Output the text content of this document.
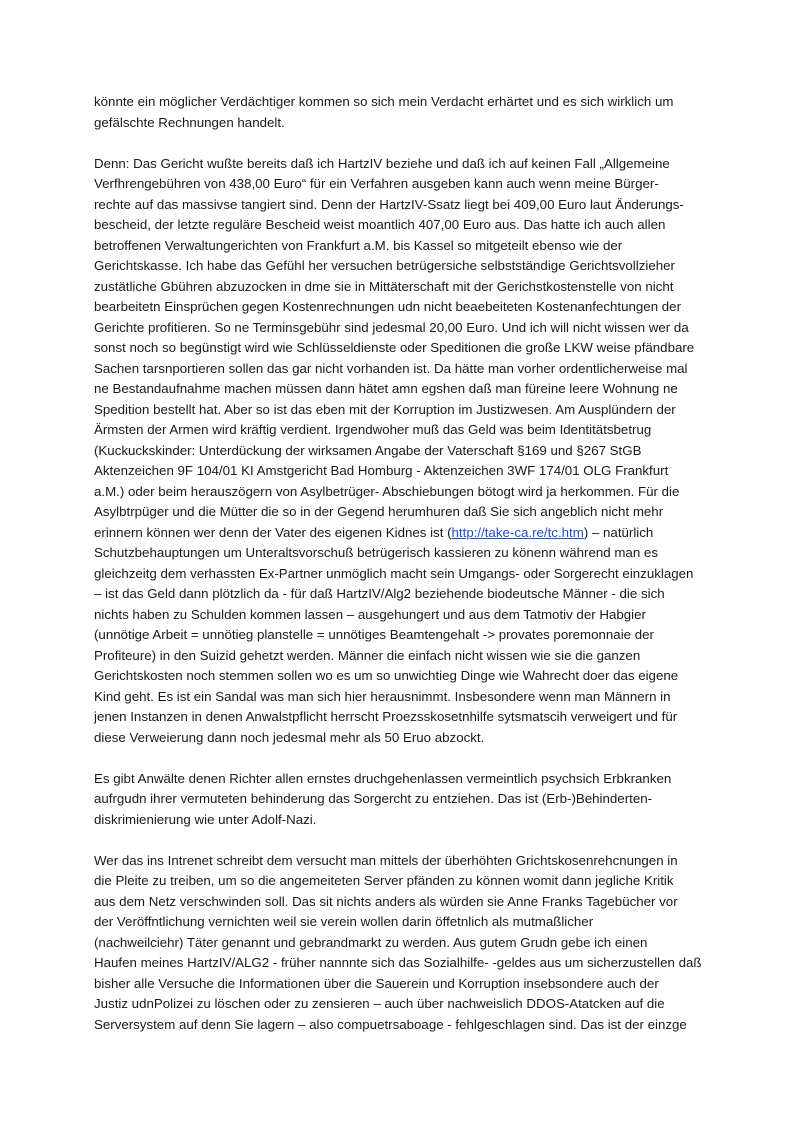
könnte ein möglicher Verdächtiger kommen so sich mein Verdacht erhärtet und es sich wirklich um
gefälschte Rechnungen handelt.

Denn: Das Gericht wußte bereits daß ich HartzIV beziehe und daß ich auf keinen Fall „Allgemeine
Verfhrengebühren von 438,00 Euro“ für ein Verfahren ausgeben kann auch wenn meine Bürger-
rechte auf das massivse tangiert sind. Denn der HartzIV-Ssatz liegt bei 409,00 Euro laut Änderungs-
bescheid, der letzte reguläre Bescheid weist moantlich 407,00 Euro aus. Das hatte ich auch allen
betroffenen Verwaltungerichten von Frankfurt a.M. bis Kassel so mitgeteilt ebenso wie der
Gerichtskasse. Ich habe das Gefühl her versuchen betrügersiche selbstständige Gerichtsvollzieher
zustätliche Gbühren abzuzocken in dme sie in Mittäterschaft mit der Gerichstkostenstelle von nicht
bearbeitetn Einsprüchen gegen Kostenrechnungen udn nicht beaebeiteten Kostenanfechtungen der
Gerichte profitieren. So ne Terminsgebühr sind jedesmal 20,00 Euro. Und ich will nicht wissen wer da
sonst noch so begünstigt wird wie Schlüsseldienste oder Speditionen die große LKW weise pfändbare
Sachen tarsnportieren sollen das gar nicht vorhanden ist. Da hätte man vorher ordentlicherweise mal
ne Bestandaufnahme machen müssen dann hätet amn egshen daß man füreine leere Wohnung ne
Spedition bestellt hat. Aber so ist das eben mit der Korruption im Justizwesen. Am Ausplündern der
Ärmsten der Armen wird kräftig verdient. Irgendwoher muß das Geld was beim Identitätsbetrug
(Kuckuckskinder: Unterdückung der wirksamen Angabe der Vaterschaft §169 und §267 StGB
Aktenzeichen 9F 104/01 KI Amstgericht Bad Homburg - Aktenzeichen 3WF 174/01 OLG Frankfurt
a.M.) oder beim herauszögern von Asylbetrüger- Abschiebungen bötogt wird ja herkommen. Für die
Asylbtrpüger und die Mütter die so in der Gegend herumhuren daß Sie sich angeblich nicht mehr
erinnern können wer denn der Vater des eigenen Kidnes ist (http://take-ca.re/tc.htm) – natürlich
Schutzbehauptungen um Unteraltsvorschuß betrügerisch kassieren zu könenn während man es
gleichzeitg dem verhassten Ex-Partner unmöglich macht sein Umgangs- oder Sorgerecht einzuklagen
– ist das Geld dann plötzlich da - für daß HartzIV/Alg2 beziehende biodeutsche Männer - die sich
nichts haben zu Schulden kommen lassen – ausgehungert und aus dem Tatmotiv der Habgier
(unnötige Arbeit = unnötieg planstelle = unnötiges Beamtengehalt -> provates poremonnaie der
Profiteure) in den Suizid gehetzt werden. Männer die einfach nicht wissen wie sie die ganzen
Gerichtskosten noch stemmen sollen wo es um so unwichtieg Dinge wie Wahrecht doer das eigene
Kind geht. Es ist ein Sandal was man sich hier herausnimmt. Insbesondere wenn man Männern in
jenen Instanzen in denen Anwalstpflicht herrscht Proezsskosetnhilfe sytsmatscih verweigert und für
diese Verweierung dann noch jedesmal mehr als 50 Eruo abzockt.

Es gibt Anwälte denen Richter allen ernstes druchgehenlassen vermeintlich psychsich Erbkranken
aufrgudn ihrer vermuteten behinderung das Sorgercht zu entziehen. Das ist (Erb-)Behinderten-
diskrimienierung wie unter Adolf-Nazi.

Wer das ins Intrenet schreibt dem versucht man mittels der überhöhten Grichtskosenrehcnungen in
die Pleite zu treiben, um so die angemeiteten Server pfänden zu können womit dann jegliche Kritik
aus dem Netz verschwinden soll. Das sit nichts anders als würden sie Anne Franks Tagebücher vor
der Veröffntlichung vernichten weil sie verein wollen darin öffetnlich als mutmaßlicher
(nachweilciehr) Täter genannt und gebrandmarkt zu werden. Aus gutem Grudn gebe ich einen
Haufen meines HartzIV/ALG2 - früher nannnte sich das Sozialhilfe- -geldes aus um sicherzustellen daß
bisher alle Versuche die Informationen über die Sauerein und Korruption insebsondere auch der
Justiz udnPolizei zu löschen oder zu zensieren – auch über nachweislich DDOS-Atatcken auf die
Serversystem auf denn Sie lagern – also compuetrsaboage - fehlgeschlagen sind. Das ist der einzge
